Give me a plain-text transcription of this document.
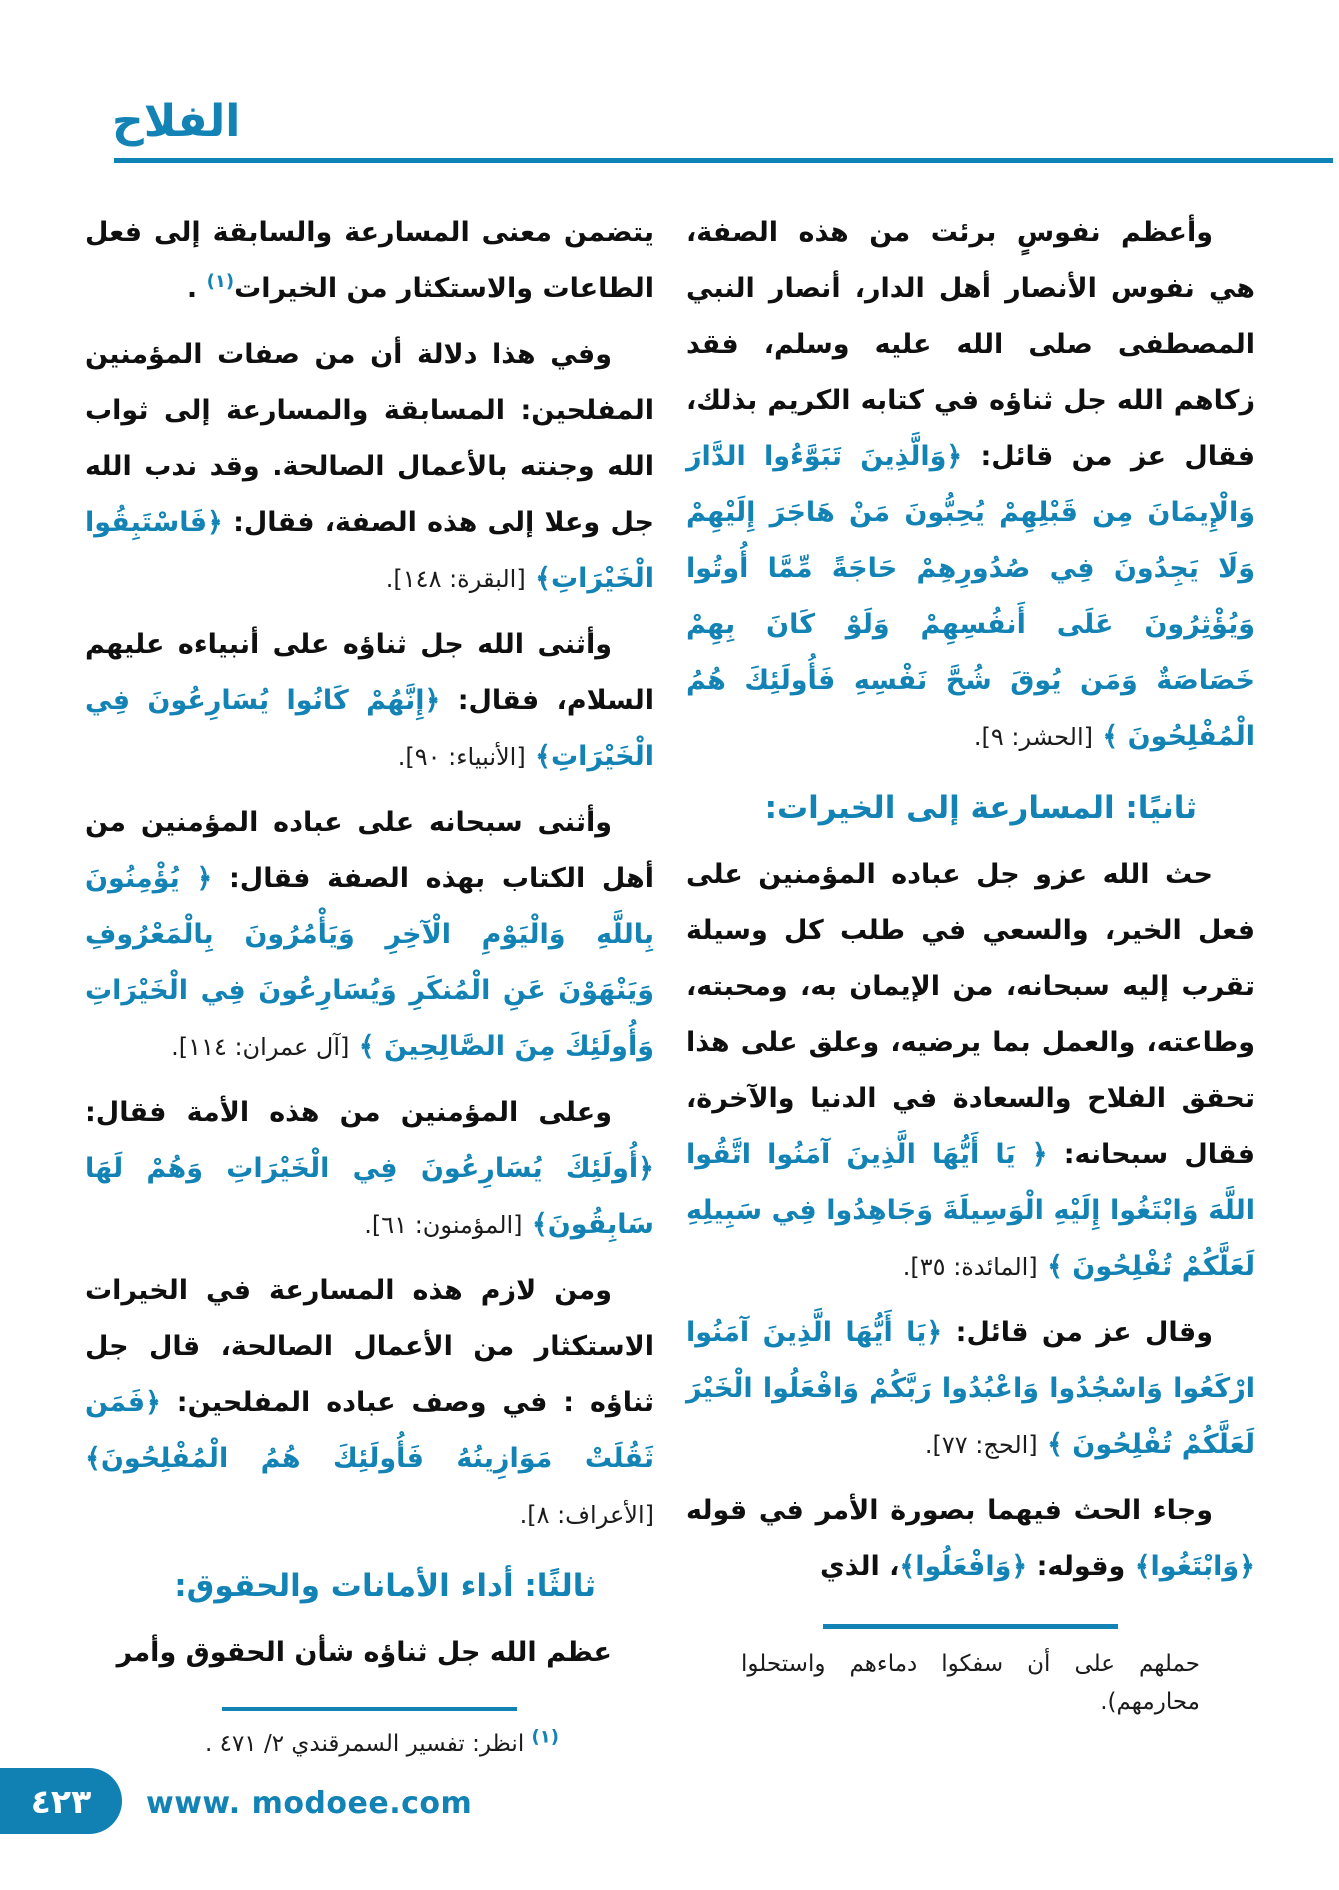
الفلاح

وأعظم نفوسٍ برئت من هذه الصفة، هي نفوس الأنصار أهل الدار، أنصار النبي المصطفى صلى الله عليه وسلم، فقد زكاهم الله جل ثناؤه في كتابه الكريم بذلك، فقال عز من قائل: ﴿وَالَّذِينَ تَبَوَّءُوا الدَّارَ وَالْإِيمَانَ مِن قَبْلِهِمْ يُحِبُّونَ مَنْ هَاجَرَ إِلَيْهِمْ وَلَا يَجِدُونَ فِي صُدُورِهِمْ حَاجَةً مِّمَّا أُوتُوا وَيُؤْثِرُونَ عَلَى أَنفُسِهِمْ وَلَوْ كَانَ بِهِمْ خَصَاصَةٌ وَمَن يُوقَ شُحَّ نَفْسِهِ فَأُولَئِكَ هُمُ الْمُفْلِحُونَ ﴾ [الحشر: ٩].

ثانيًا: المسارعة إلى الخيرات:

حث الله عزو جل عباده المؤمنين على فعل الخير، والسعي في طلب كل وسيلة تقرب إليه سبحانه، من الإيمان به، ومحبته، وطاعته، والعمل بما يرضيه، وعلق على هذا تحقق الفلاح والسعادة في الدنيا والآخرة، فقال سبحانه: ﴿ يَا أَيُّهَا الَّذِينَ آمَنُوا اتَّقُوا اللَّهَ وَابْتَغُوا إِلَيْهِ الْوَسِيلَةَ وَجَاهِدُوا فِي سَبِيلِهِ لَعَلَّكُمْ تُفْلِحُونَ ﴾ [المائدة: ٣٥].

وقال عز من قائل: ﴿يَا أَيُّهَا الَّذِينَ آمَنُوا ارْكَعُوا وَاسْجُدُوا وَاعْبُدُوا رَبَّكُمْ وَافْعَلُوا الْخَيْرَ لَعَلَّكُمْ تُفْلِحُونَ ﴾ [الحج: ٧٧].

وجاء الحث فيهما بصورة الأمر في قوله ﴿وَابْتَغُوا﴾ وقوله: ﴿وَافْعَلُوا﴾، الذي

حملهم على أن سفكوا دماءهم واستحلوا محارمهم).

يتضمن معنى المسارعة والسابقة إلى فعل الطاعات والاستكثار من الخيرات$^{(١)}$ .

وفي هذا دلالة أن من صفات المؤمنين المفلحين: المسابقة والمسارعة إلى ثواب الله وجنته بالأعمال الصالحة. وقد ندب الله جل وعلا إلى هذه الصفة، فقال: ﴿فَاسْتَبِقُوا الْخَيْرَاتِ﴾ [البقرة: ١٤٨].

وأثنى الله جل ثناؤه على أنبياءه عليهم السلام، فقال: ﴿إِنَّهُمْ كَانُوا يُسَارِعُونَ فِي الْخَيْرَاتِ﴾ [الأنبياء: ٩٠].

وأثنى سبحانه على عباده المؤمنين من أهل الكتاب بهذه الصفة فقال: ﴿ يُؤْمِنُونَ بِاللَّهِ وَالْيَوْمِ الْآخِرِ وَيَأْمُرُونَ بِالْمَعْرُوفِ وَيَنْهَوْنَ عَنِ الْمُنكَرِ وَيُسَارِعُونَ فِي الْخَيْرَاتِ وَأُولَئِكَ مِنَ الصَّالِحِينَ ﴾ [آل عمران: ١١٤].

وعلى المؤمنين من هذه الأمة فقال: ﴿أُولَئِكَ يُسَارِعُونَ فِي الْخَيْرَاتِ وَهُمْ لَهَا سَابِقُونَ﴾ [المؤمنون: ٦١].

ومن لازم هذه المسارعة في الخيرات الاستكثار من الأعمال الصالحة، قال جل ثناؤه : في وصف عباده المفلحين: ﴿فَمَن ثَقُلَتْ مَوَازِينُهُ فَأُولَئِكَ هُمُ الْمُفْلِحُونَ﴾ [الأعراف: ٨].

ثالثًا: أداء الأمانات والحقوق:

عظم الله جل ثناؤه شأن الحقوق وأمر

$^{(١)}$ انظر: تفسير السمرقندي ٢/ ٤٧١ .

٤٢٣ www. modoee.com
